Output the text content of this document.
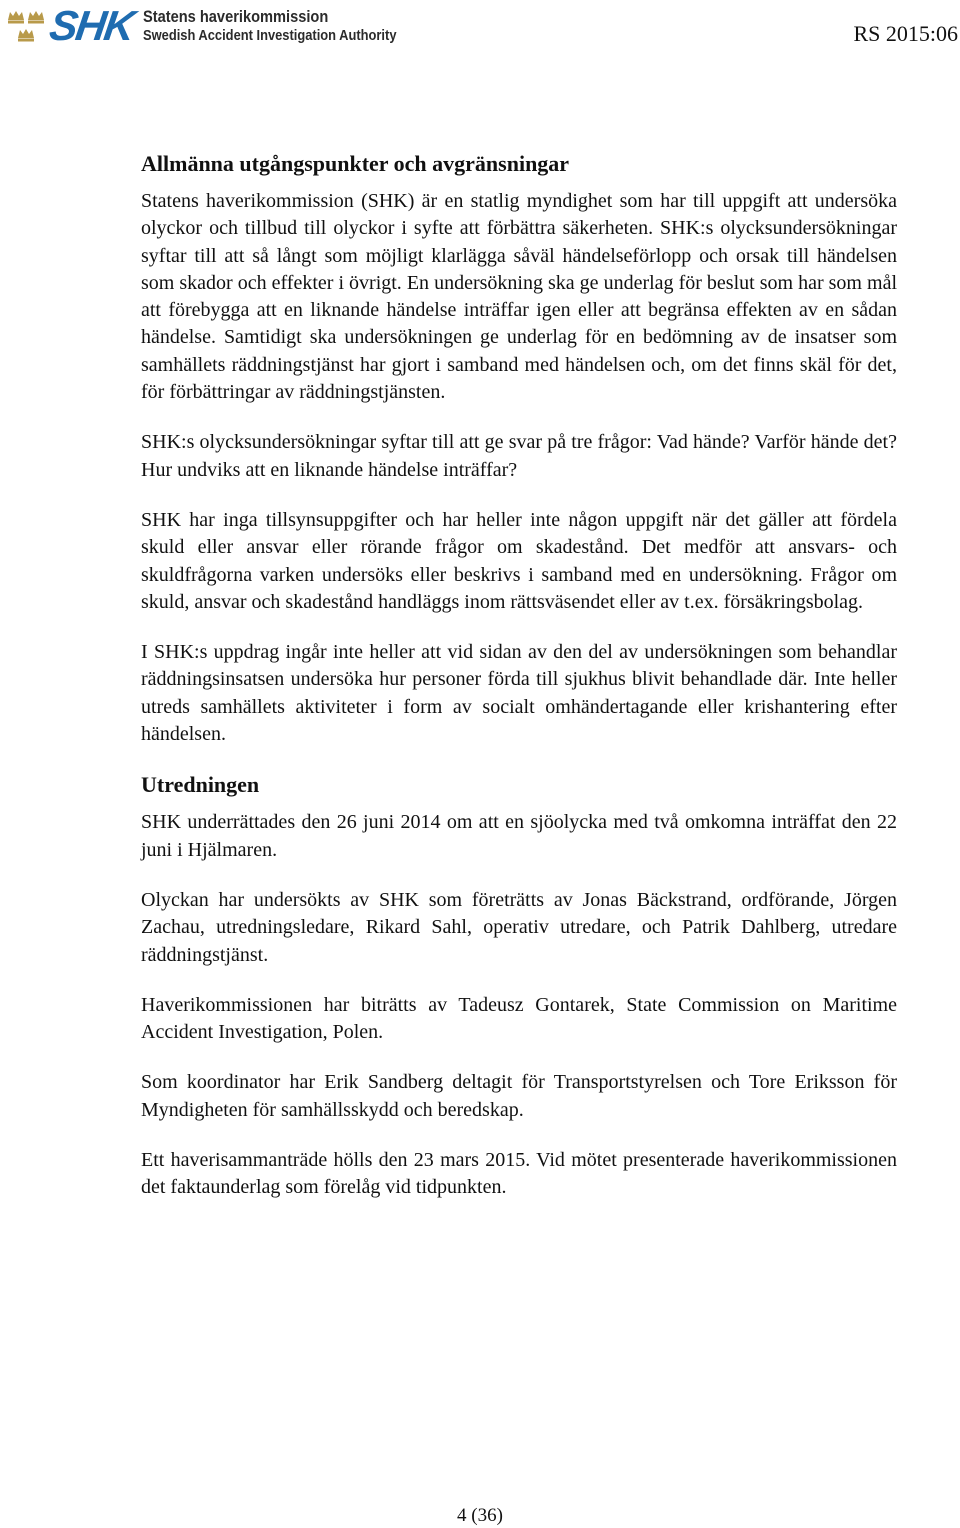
SHK Statens haverikommission
Swedish Accident Investigation Authority	RS 2015:06
Allmänna utgångspunkter och avgränsningar

Statens haverikommission (SHK) är en statlig myndighet som har till uppgift att undersöka olyckor och tillbud till olyckor i syfte att förbättra säkerheten. SHK:s olycksundersökningar syftar till att så långt som möjligt klarlägga såväl händelseförlopp och orsak till händelsen som skador och effekter i övrigt. En undersökning ska ge underlag för beslut som har som mål att förebygga att en liknande händelse inträffar igen eller att begränsa effekten av en sådan händelse. Samtidigt ska undersökningen ge underlag för en bedömning av de insatser som samhällets räddningstjänst har gjort i samband med händelsen och, om det finns skäl för det, för förbättringar av räddningstjänsten.

SHK:s olycksundersökningar syftar till att ge svar på tre frågor: Vad hände? Varför hände det? Hur undviks att en liknande händelse inträffar?

SHK har inga tillsynsuppgifter och har heller inte någon uppgift när det gäller att fördela skuld eller ansvar eller rörande frågor om skadestånd. Det medför att ansvars- och skuldfrågorna varken undersöks eller beskrivs i samband med en undersökning. Frågor om skuld, ansvar och skadestånd handläggs inom rättsväsendet eller av t.ex. försäkringsbolag.

I SHK:s uppdrag ingår inte heller att vid sidan av den del av undersökningen som behandlar räddningsinsatsen undersöka hur personer förda till sjukhus blivit behandlade där. Inte heller utreds samhällets aktiviteter i form av socialt omhändertagande eller krishantering efter händelsen.

Utredningen

SHK underrättades den 26 juni 2014 om att en sjöolycka med två omkomna inträffat den 22 juni i Hjälmaren.

Olyckan har undersökts av SHK som företrätts av Jonas Bäckstrand, ordförande, Jörgen Zachau, utredningsledare, Rikard Sahl, operativ utredare, och Patrik Dahlberg, utredare räddningstjänst.

Haverikommissionen har biträtts av Tadeusz Gontarek, State Commission on Maritime Accident Investigation, Polen.

Som koordinator har Erik Sandberg deltagit för Transportstyrelsen och Tore Eriksson för Myndigheten för samhällsskydd och beredskap.

Ett haverisammanträde hölls den 23 mars 2015. Vid mötet presenterade haverikommissionen det faktaunderlag som förelåg vid tidpunkten.

4 (36)
